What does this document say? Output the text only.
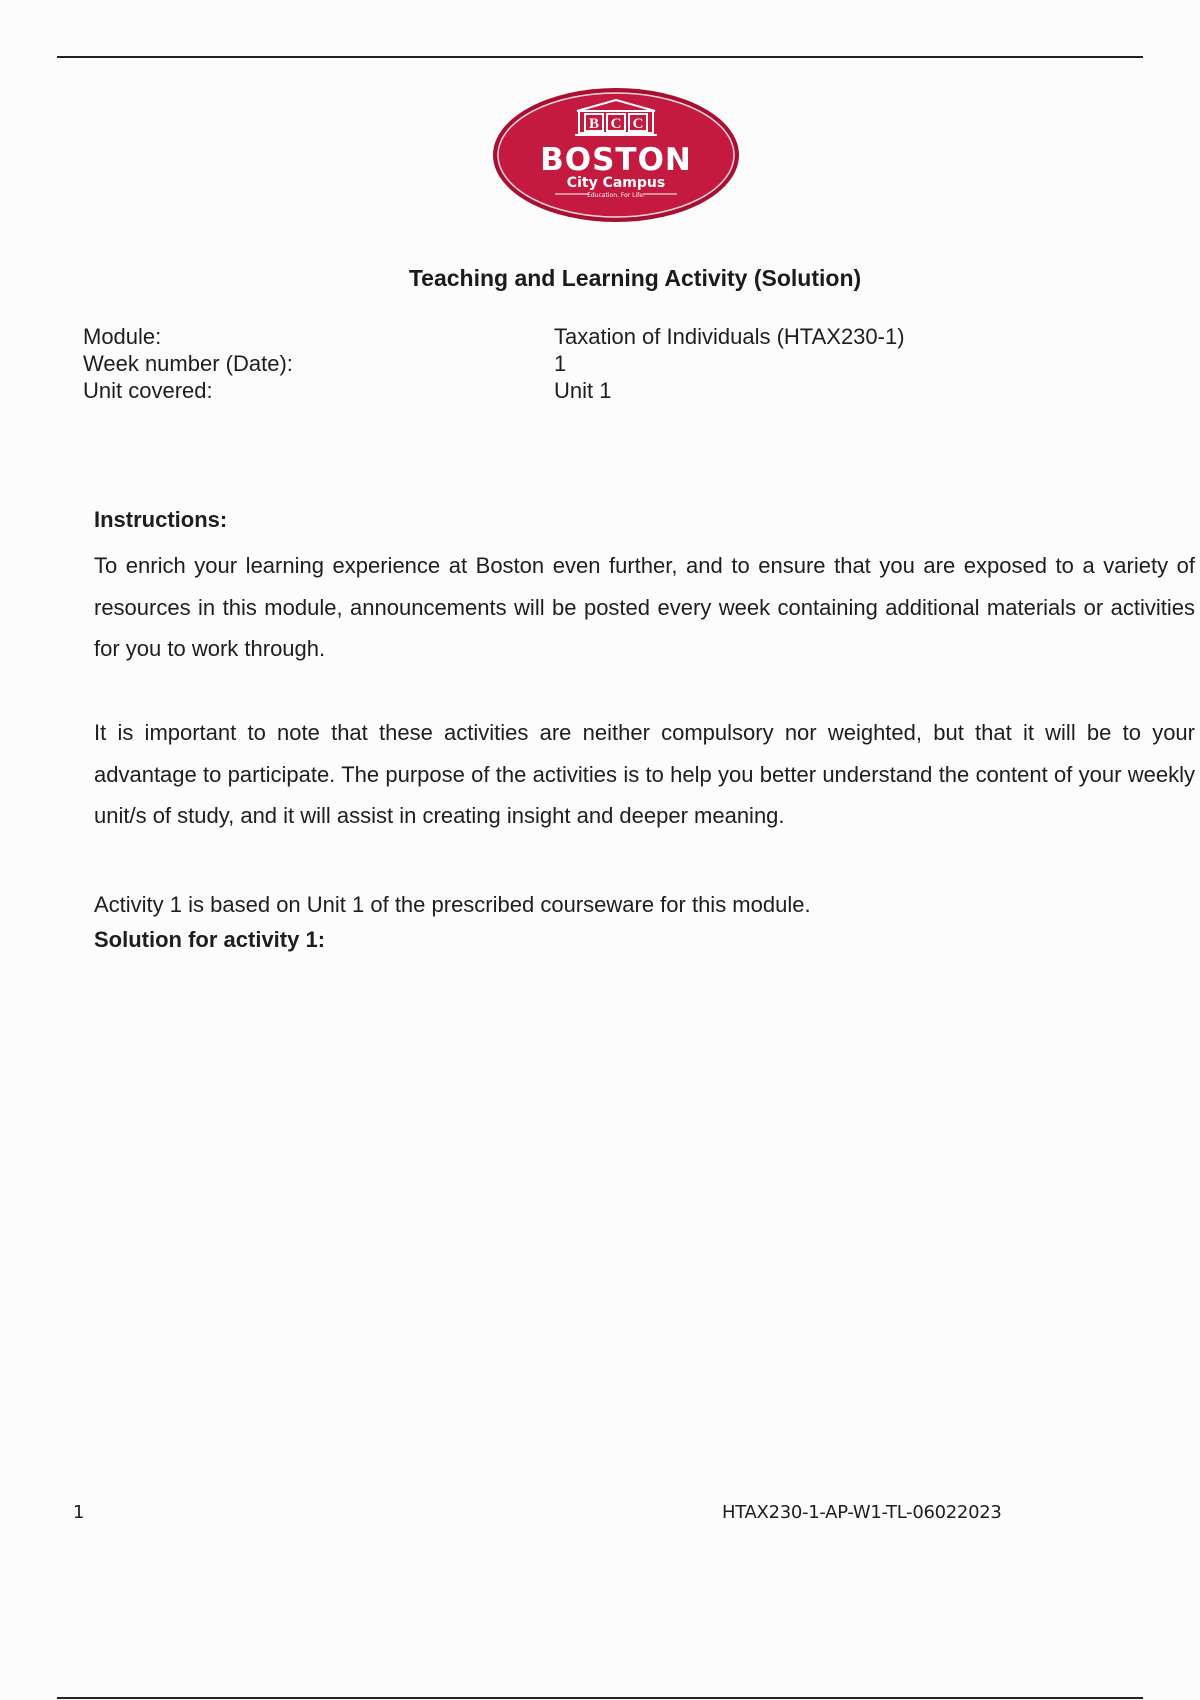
B C C
BOSTON
City Campus
Education. For Life.
Teaching and Learning Activity (Solution)
Module:	Taxation of Individuals (HTAX230-1)
Week number (Date):	1
Unit covered:	Unit 1
Instructions:

To enrich your learning experience at Boston even further, and to ensure that you are exposed to a variety of resources in this module, announcements will be posted every week containing additional materials or activities for you to work through.

It is important to note that these activities are neither compulsory nor weighted, but that it will be to your advantage to participate. The purpose of the activities is to help you better understand the content of your weekly unit/s of study, and it will assist in creating insight and deeper meaning.

Activity 1 is based on Unit 1 of the prescribed courseware for this module.

Solution for activity 1:
1	HTAX230-1-AP-W1-TL-06022023
